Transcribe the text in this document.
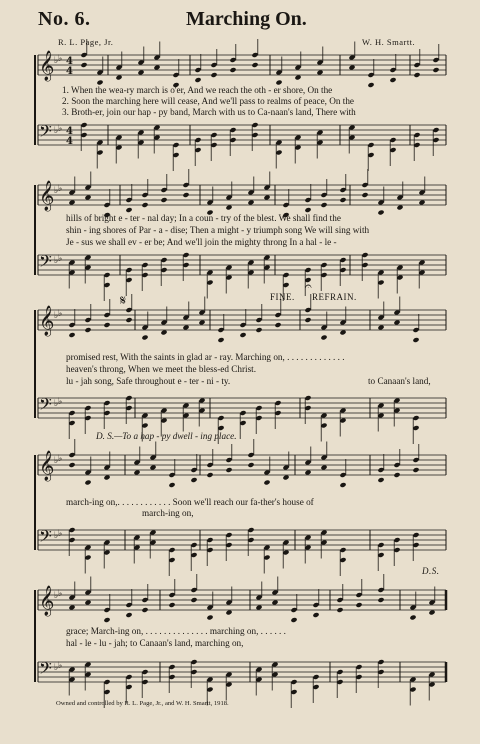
No. 6.	Marching On.
R. L. Page, Jr.	W. H. Smartt.
𝄞 ♭ ♭ 4
4
𝄢 ♭ ♭ 4
4
𝄞 ♭ ♭
𝄢 ♭ ♭
𝄞 ♭ ♭
𝄢 ♭ ♭
𝄞 ♭ ♭
𝄢 ♭ ♭
𝄞 ♭ ♭
𝄢 ♭ ♭
𝄋
𝄐
1. When the wea-ry march is o'er, And we reach the oth - er shore, On the
2. Soon the marching here will cease, And we'll pass to realms of peace, On the
3. Broth-er, join our hap - py band, March with us to Ca-naan's land, There with
hills of bright e - ter - nal day; In a coun - try of the blest. We shall find the
shin - ing shores of Par - a - dise; Then a might - y triumph song We will sing with
Je - sus we shall ev - er be; And we'll join the mighty throng In a hal - le -
FINE. REFRAIN.
promised rest, With the saints in glad ar - ray. Marching on, . . . . . . . . . . . . .
heaven's throng, When we meet the bless-ed Christ.
lu - jah song, Safe throughout e - ter - ni - ty.	to Canaan's land,
D. S.—To a hap - py dwell - ing place.
march-ing on,. . . . . . . . . . . . Soon we'll reach our fa-ther's house of
march-ing on,
grace; March-ing on, . . . . . . . . . . . . . . marching on, . . . . . .
hal - le - lu - jah; to Canaan's land, marching on,
D.S.
Owned and controlled by R. L. Page, Jr., and W. H. Smartt, 1918.
